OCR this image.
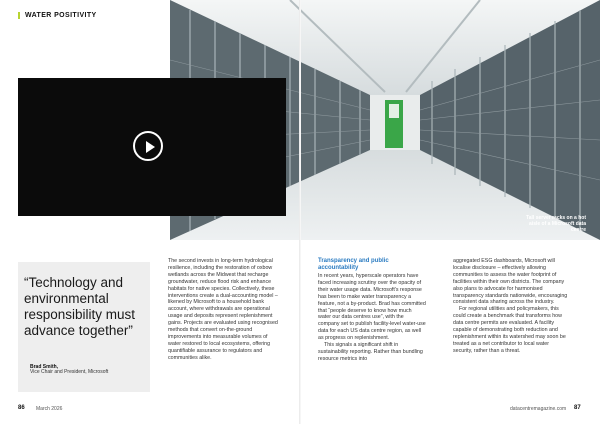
WATER POSITIVITY
Tall server racks on a hot aisle of a Microsoft data centre
“Technology and environmental responsibility must advance together”
Brad Smith,
Vice Chair and President, Microsoft

The second invests in long-term hydrological resilience, including the restoration of oxbow wetlands across the Midwest that recharge groundwater, reduce flood risk and enhance habitats for native species. Collectively, these interventions create a dual-accounting model – likened by Microsoft to a household bank account, where withdrawals are operational usage and deposits represent replenishment gains. Projects are evaluated using recognised methods that convert on-the-ground improvements into measurable volumes of water restored to local ecosystems, offering quantifiable assurance to regulators and communities alike.

Transparency and public accountability

In recent years, hyperscale operators have faced increasing scrutiny over the opacity of their water usage data. Microsoft’s response has been to make water transparency a feature, not a by-product. Brad has committed that “people deserve to know how much water our data centres use”, with the company set to publish facility-level water-use data for each US data centre region, as well as progress on replenishment.

This signals a significant shift in sustainability reporting. Rather than bundling resource metrics into

aggregated ESG dashboards, Microsoft will localise disclosure – effectively allowing communities to assess the water footprint of facilities within their own districts. The company also plans to advocate for harmonised transparency standards nationwide, encouraging consistent data sharing across the industry.

For regional utilities and policymakers, this could create a benchmark that transforms how data centre permits are evaluated. A facility capable of demonstrating both reduction and replenishment within its watershed may soon be treated as a net contributor to local water security, rather than a threat.

86 March 2026	datacentremagazine.com 87
